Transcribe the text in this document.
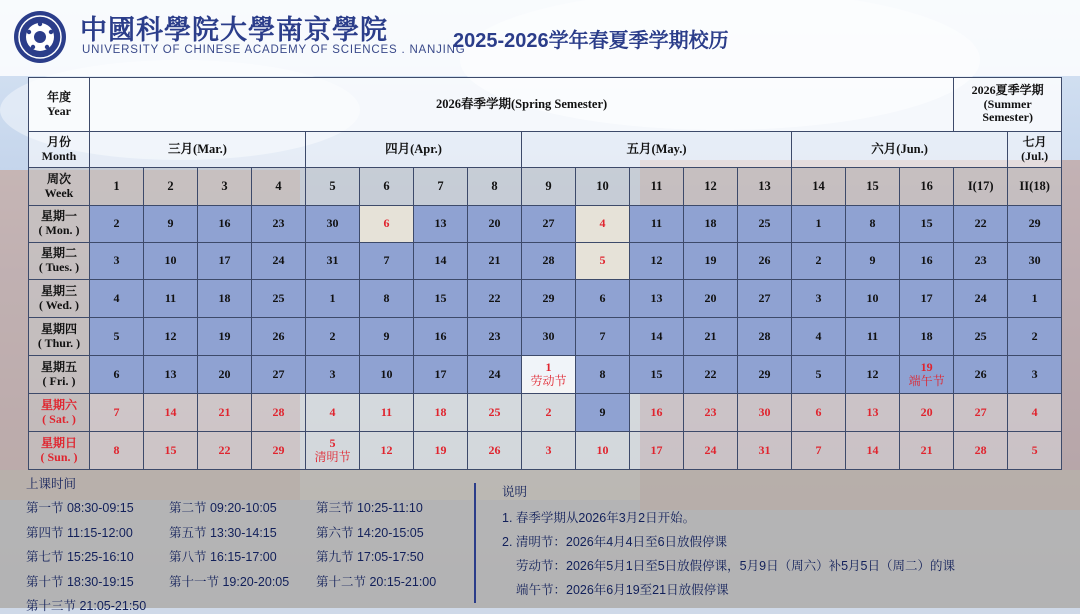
中國科學院大學南京學院
UNIVERSITY OF CHINESE ACADEMY OF SCIENCES . NANJING
2025-2026学年春夏季学期校历
年度
Year	2026春季学期(Spring Semester)																2026夏季学期
(Summer
Semester)	

月份
Month	三月(Mar.)				四月(Apr.)				五月(May.)					六月(Jun.)				七月
(Jul.)

周次
Week	1	2	3	4	5	6	7	8	9	10	11	12	13	14	15	16	I(17)	II(18)

星期一
( Mon. )	2	9	16	23	30	6	13	20	27	4	11	18	25	1	8	15	22	29

星期二
( Tues. )	3	10	17	24	31	7	14	21	28	5	12	19	26	2	9	16	23	30

星期三
( Wed. )	4	11	18	25	1	8	15	22	29	6	13	20	27	3	10	17	24	1

星期四
( Thur. )	5	12	19	26	2	9	16	23	30	7	14	21	28	4	11	18	25	2

星期五
( Fri. )	6	13	20	27	3	10	17	24	1
劳动节	8	15	22	29	5	12	19
端午节	26	3

星期六
( Sat. )	7	14	21	28	4	11	18	25	2	9	16	23	30	6	13	20	27	4

星期日
( Sun. )	8	15	22	29	5
清明节	12	19	26	3	10	17	24	31	7	14	21	28	5
上课时间
第一节 08:30-09:15	第二节 09:20-10:05	第三节 10:25-11:10
第四节 11:15-12:00	第五节 13:30-14:15	第六节 14:20-15:05
第七节 15:25-16:10	第八节 16:15-17:00	第九节 17:05-17:50
第十节 18:30-19:15	第十一节 19:20-20:05 第十二节 20:15-21:00
第十三节 21:05-21:50
说明
1. 春季学期从2026年3月2日开始。
2. 清明节：2026年4月4日至6日放假停课
劳动节：2026年5月1日至5日放假停课，5月9日（周六）补5月5日（周二）的课
端午节：2026年6月19至21日放假停课
